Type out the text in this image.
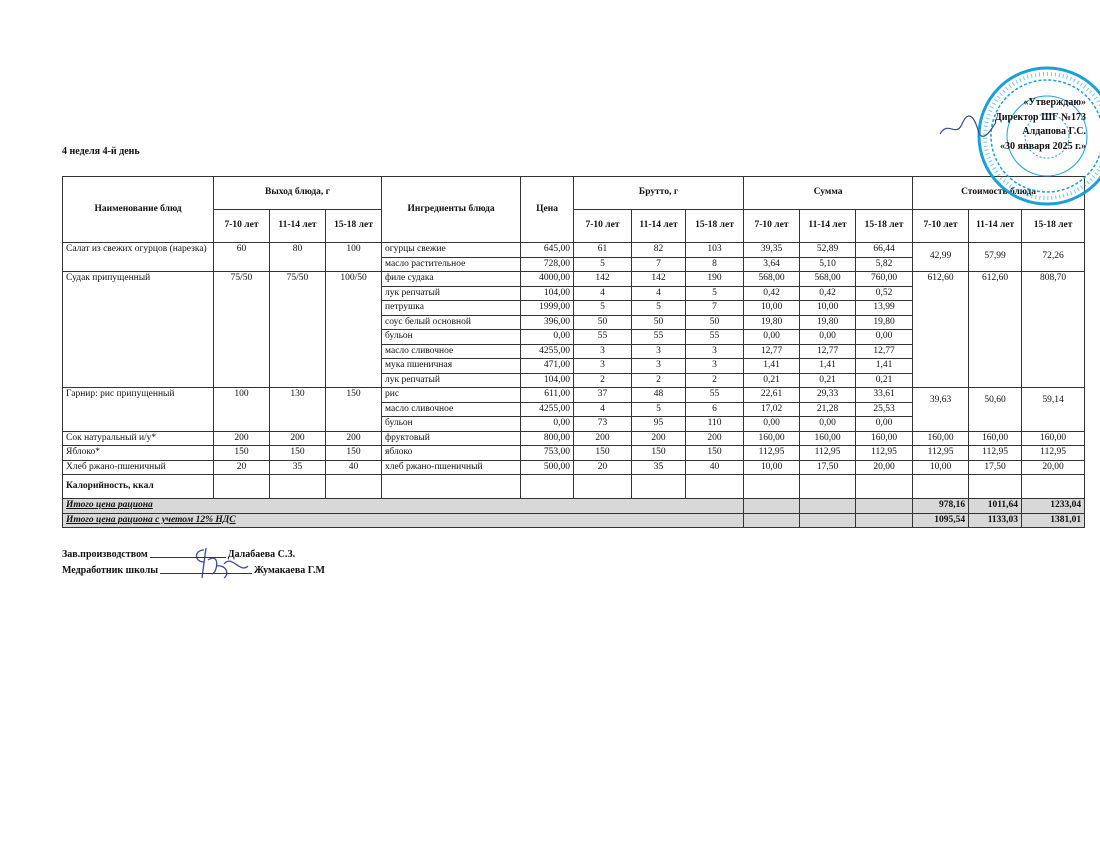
4 неделя 4-й день
«Утверждаю»
Директор ШГ №173
Алдапова Г.С.
«30 января 2025 г.»
Наименование блюд	Выход блюда, г			Ингредиенты блюда	Цена	Брутто, г			Сумма			Стоимость блюда		
	7-10 лет	11-14 лет	15-18 лет			7-10 лет	11-14 лет	15-18 лет	7-10 лет	11-14 лет	15-18 лет	7-10 лет	11-14 лет	15-18 лет
Салат из свежих огурцов (нарезка)	60	80	100	огурцы свежие	645,00	61	82	103	39,35	52,89	66,44	42,99	57,99	72,26
				масло растительное	728,00	5	7	8	3,64	5,10	5,82			
Судак припущенный	75/50	75/50	100/50	филе судака	4000,00	142	142	190	568,00	568,00	760,00	612,60	612,60	808,70
				лук репчатый	104,00	4	4	5	0,42	0,42	0,52			
				петрушка	1999,00	5	5	7	10,00	10,00	13,99			
				соус белый основной	396,00	50	50	50	19,80	19,80	19,80			
				бульон	0,00	55	55	55	0,00	0,00	0,00			
				масло сливочное	4255,00	3	3	3	12,77	12,77	12,77			
				мука пшеничная	471,00	3	3	3	1,41	1,41	1,41			
				лук репчатый	104,00	2	2	2	0,21	0,21	0,21			
Гарнир: рис припущенный	100	130	150	рис	611,00	37	48	55	22,61	29,33	33,61	39,63	50,60	59,14
				масло сливочное	4255,00	4	5	6	17,02	21,28	25,53			
				бульон	0,00	73	95	110	0,00	0,00	0,00			
Сок натуральный и/у*	200	200	200	фруктовый	800,00	200	200	200	160,00	160,00	160,00	160,00	160,00	160,00
Яблоко*	150	150	150	яблоко	753,00	150	150	150	112,95	112,95	112,95	112,95	112,95	112,95
Хлеб ржано-пшеничный	20	35	40	хлеб ржано-пшеничный	500,00	20	35	40	10,00	17,50	20,00	10,00	17,50	20,00
Калорийность, ккал														
Итого цена рациона												978,16	1011,64	1233,04
Итого цена рациона с учетом 12% НДС												1095,54	1133,03	1381,01
Зав.производством	Далабаева С.З.
Медработник школы	Жумакаева Г.М
